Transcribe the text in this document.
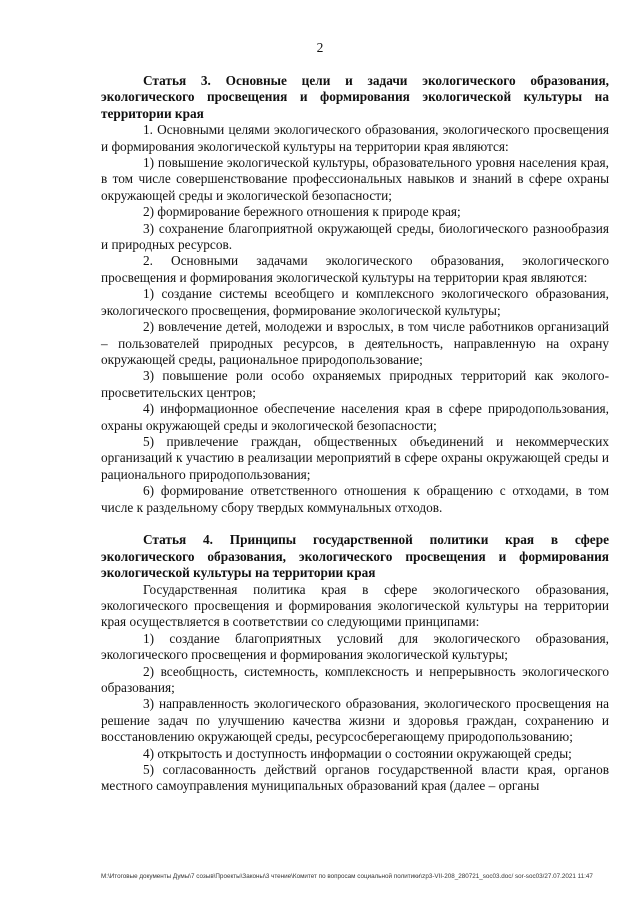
2

Статья 3. Основные цели и задачи экологического образования, экологического просвещения и формирования экологической культуры на территории края

1. Основными целями экологического образования, экологического просвещения и формирования экологической культуры на территории края являются:

1) повышение экологической культуры, образовательного уровня населения края, в том числе совершенствование профессиональных навыков и знаний в сфере охраны окружающей среды и экологической безопасности;

2) формирование бережного отношения к природе края;

3) сохранение благоприятной окружающей среды, биологического разнообразия и природных ресурсов.

2. Основными задачами экологического образования, экологического просвещения и формирования экологической культуры на территории края являются:

1) создание системы всеобщего и комплексного экологического образования, экологического просвещения, формирование экологической культуры;

2) вовлечение детей, молодежи и взрослых, в том числе работников организаций – пользователей природных ресурсов, в деятельность, направленную на охрану окружающей среды, рациональное природопользование;

3) повышение роли особо охраняемых природных территорий как эколого-просветительских центров;

4) информационное обеспечение населения края в сфере природопользования, охраны окружающей среды и экологической безопасности;

5) привлечение граждан, общественных объединений и некоммерческих организаций к участию в реализации мероприятий в сфере охраны окружающей среды и рационального природопользования;

6) формирование ответственного отношения к обращению с отходами, в том числе к раздельному сбору твердых коммунальных отходов.

Статья 4. Принципы государственной политики края в сфере экологического образования, экологического просвещения и формирования экологической культуры на территории края

Государственная политика края в сфере экологического образования, экологического просвещения и формирования экологической культуры на территории края осуществляется в соответствии со следующими принципами:

1) создание благоприятных условий для экологического образования, экологического просвещения и формирования экологической культуры;

2) всеобщность, системность, комплексность и непрерывность экологического образования;

3) направленность экологического образования, экологического просвещения на решение задач по улучшению качества жизни и здоровья граждан, сохранению и восстановлению окружающей среды, ресурсосберегающему природопользованию;

4) открытость и доступность информации о состоянии окружающей среды;

5) согласованность действий органов государственной власти края, органов местного самоуправления муниципальных образований края (далее – органы

M:\Итоговые документы Думы\7 созыв\Проекты\Законы\3 чтение\Комитет по вопросам социальной политики\zp3-VII-208_280721_soc03.doc/ sor-soc03/27.07.2021 11:47
